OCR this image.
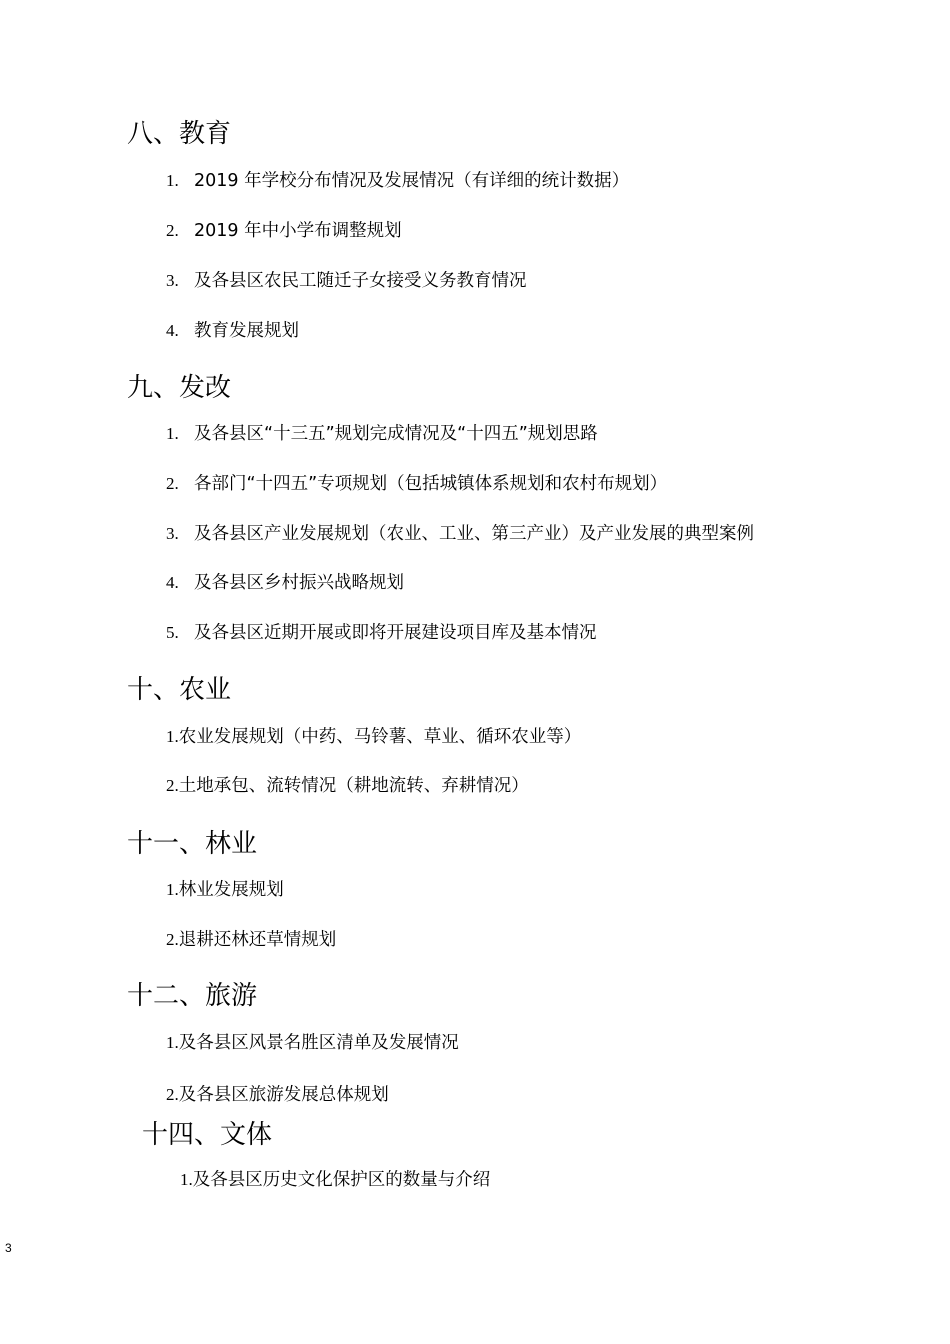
八、教育

1. 2019 年学校分布情况及发展情况（有详细的统计数据）

2. 2019 年中小学布调整规划

3. 及各县区农民工随迁子女接受义务教育情况

4. 教育发展规划

九、发改

1. 及各县区“十三五”规划完成情况及“十四五”规划思路

2. 各部门“十四五”专项规划（包括城镇体系规划和农村布规划）

3. 及各县区产业发展规划（农业、工业、第三产业）及产业发展的典型案例

4. 及各县区乡村振兴战略规划

5. 及各县区近期开展或即将开展建设项目库及基本情况

十、农业

1.农业发展规划（中药、马铃薯、草业、循环农业等）

2.土地承包、流转情况（耕地流转、弃耕情况）

十一、林业

1.林业发展规划

2.退耕还林还草情规划

十二、旅游

1.及各县区风景名胜区清单及发展情况

2.及各县区旅游发展总体规划

十四、文体

1.及各县区历史文化保护区的数量与介绍

3
